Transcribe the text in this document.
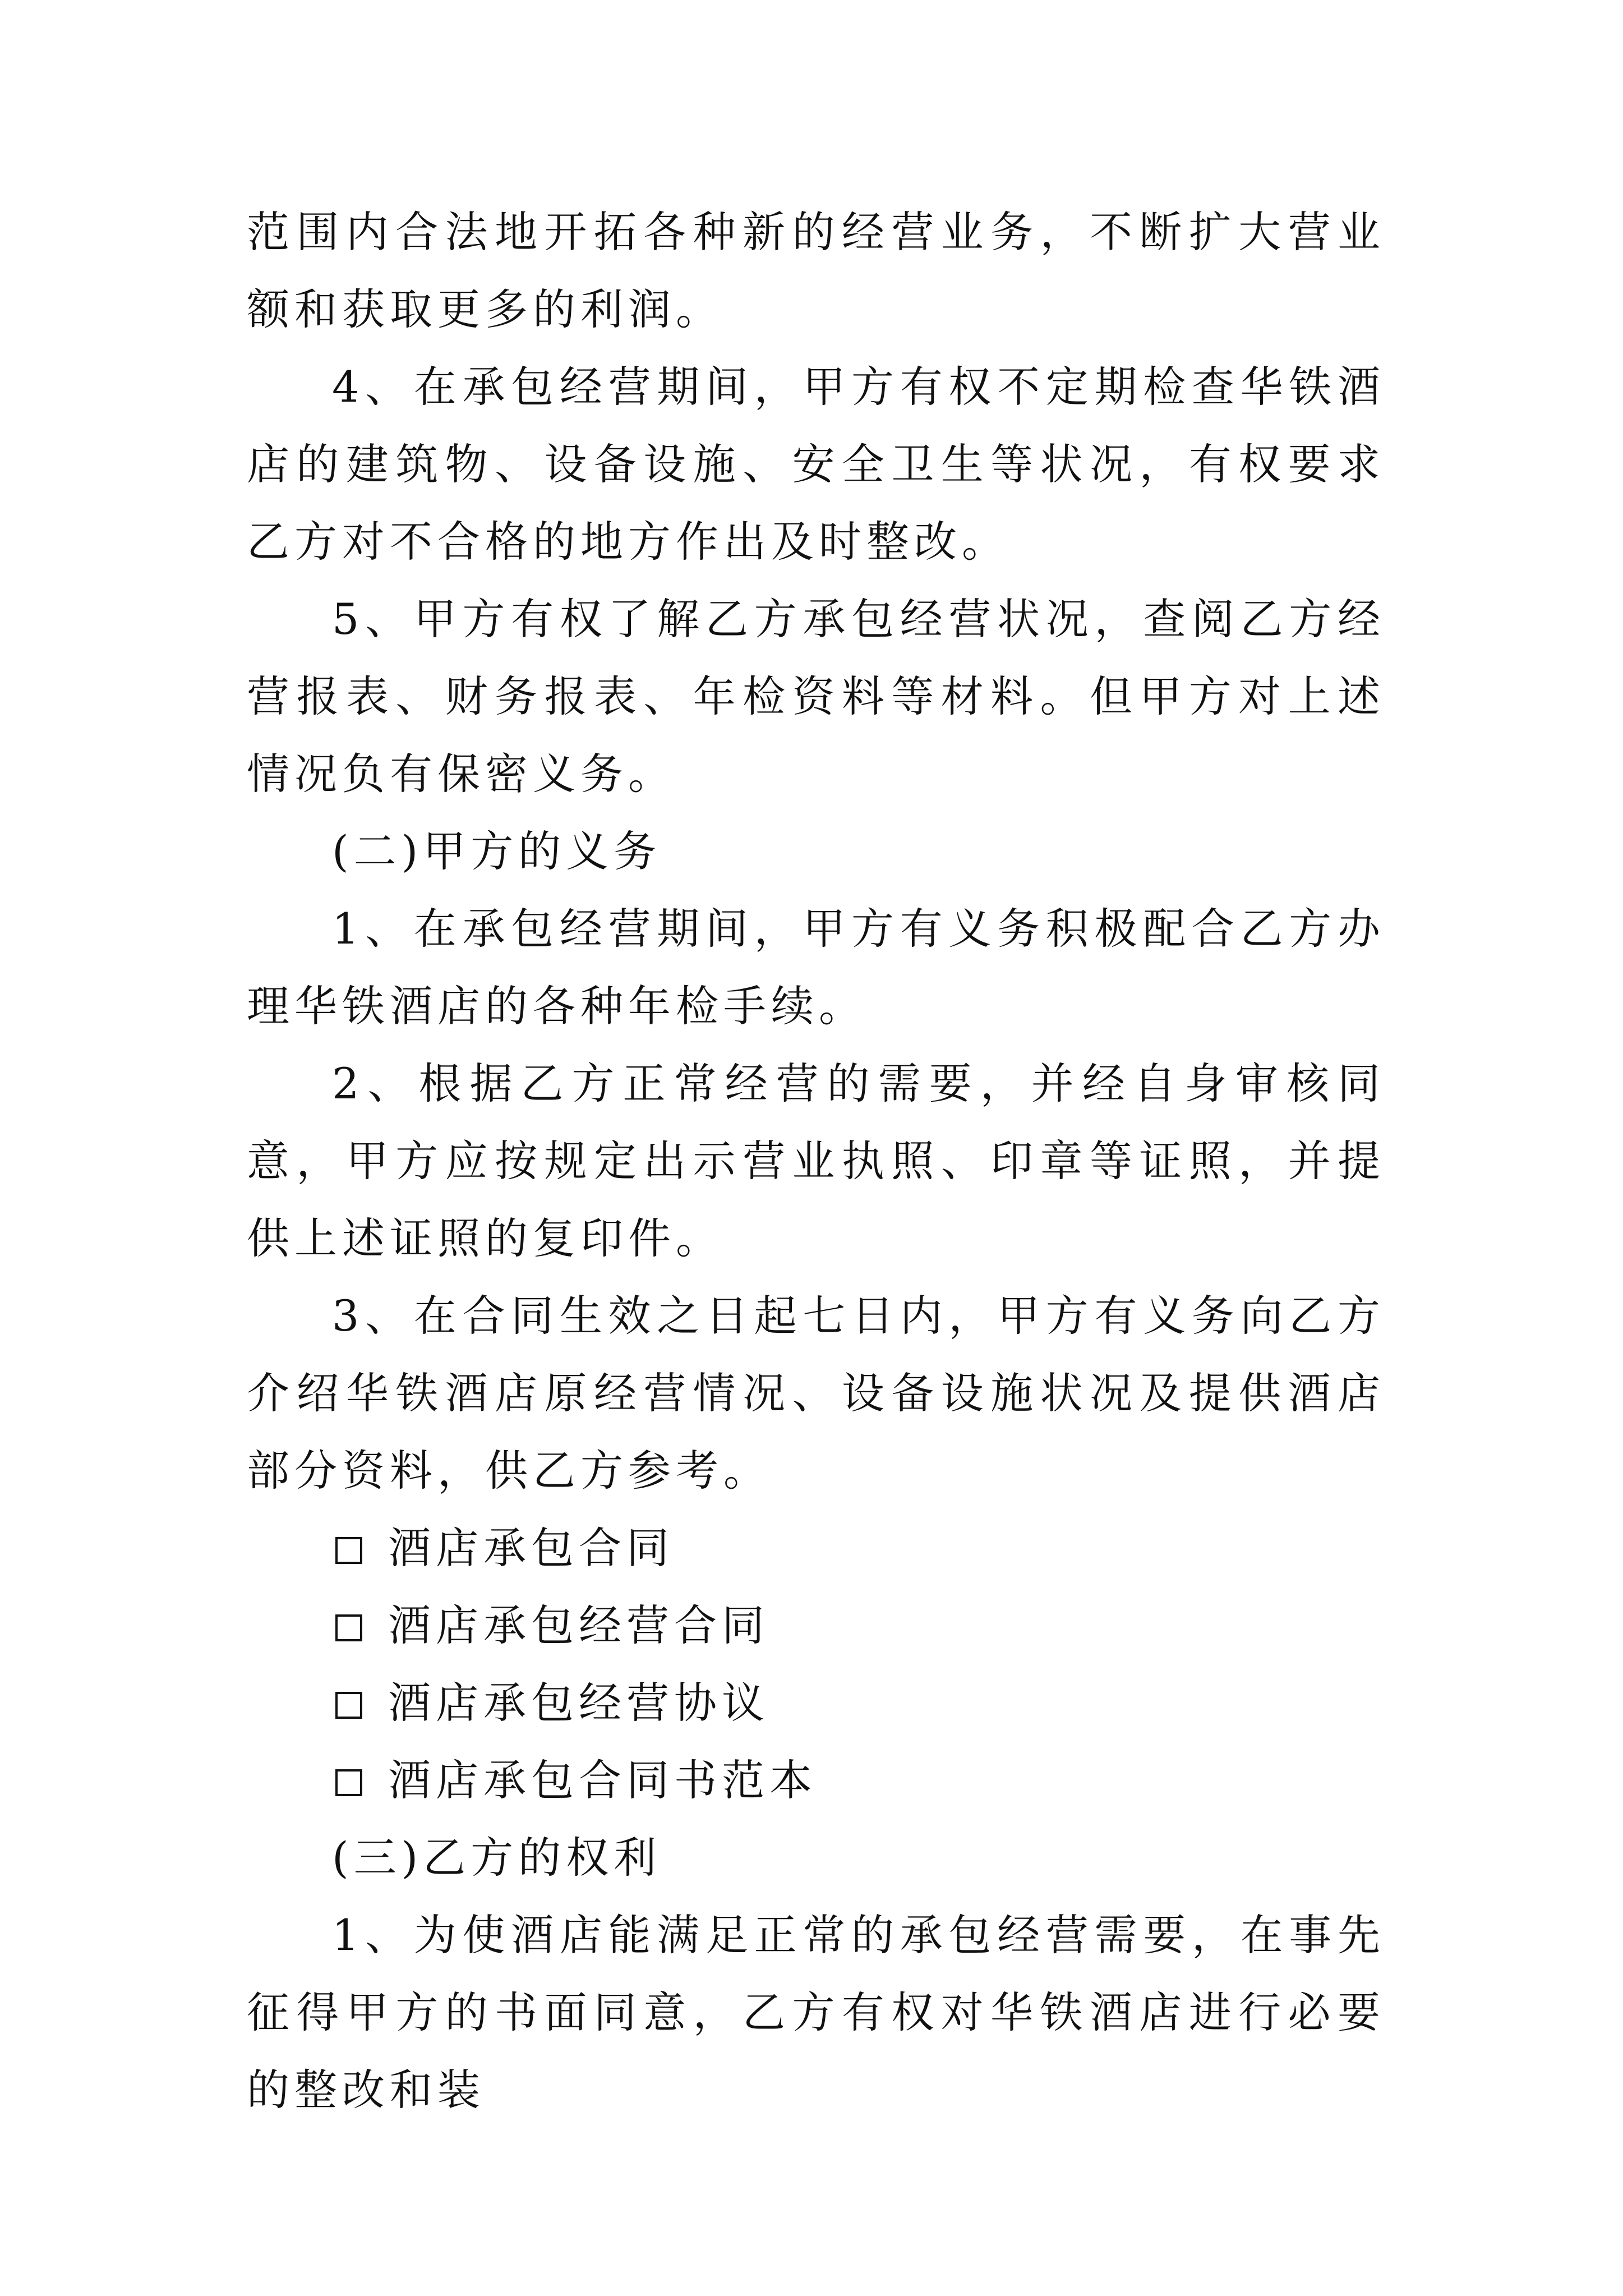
范围内合法地开拓各种新的经营业务，不断扩大营业额和获取更多的利润。

4、在承包经营期间，甲方有权不定期检查华铁酒店的建筑物、设备设施、安全卫生等状况，有权要求乙方对不合格的地方作出及时整改。

5、甲方有权了解乙方承包经营状况，查阅乙方经营报表、财务报表、年检资料等材料。但甲方对上述情况负有保密义务。

(二)甲方的义务

1、在承包经营期间，甲方有义务积极配合乙方办理华铁酒店的各种年检手续。

2、根据乙方正常经营的需要，并经自身审核同意，甲方应按规定出示营业执照、印章等证照，并提供上述证照的复印件。

3、在合同生效之日起七日内，甲方有义务向乙方介绍华铁酒店原经营情况、设备设施状况及提供酒店部分资料，供乙方参考。

酒店承包合同
酒店承包经营合同
酒店承包经营协议
酒店承包合同书范本

(三)乙方的权利

1、为使酒店能满足正常的承包经营需要，在事先征得甲方的书面同意，乙方有权对华铁酒店进行必要的整改和装
